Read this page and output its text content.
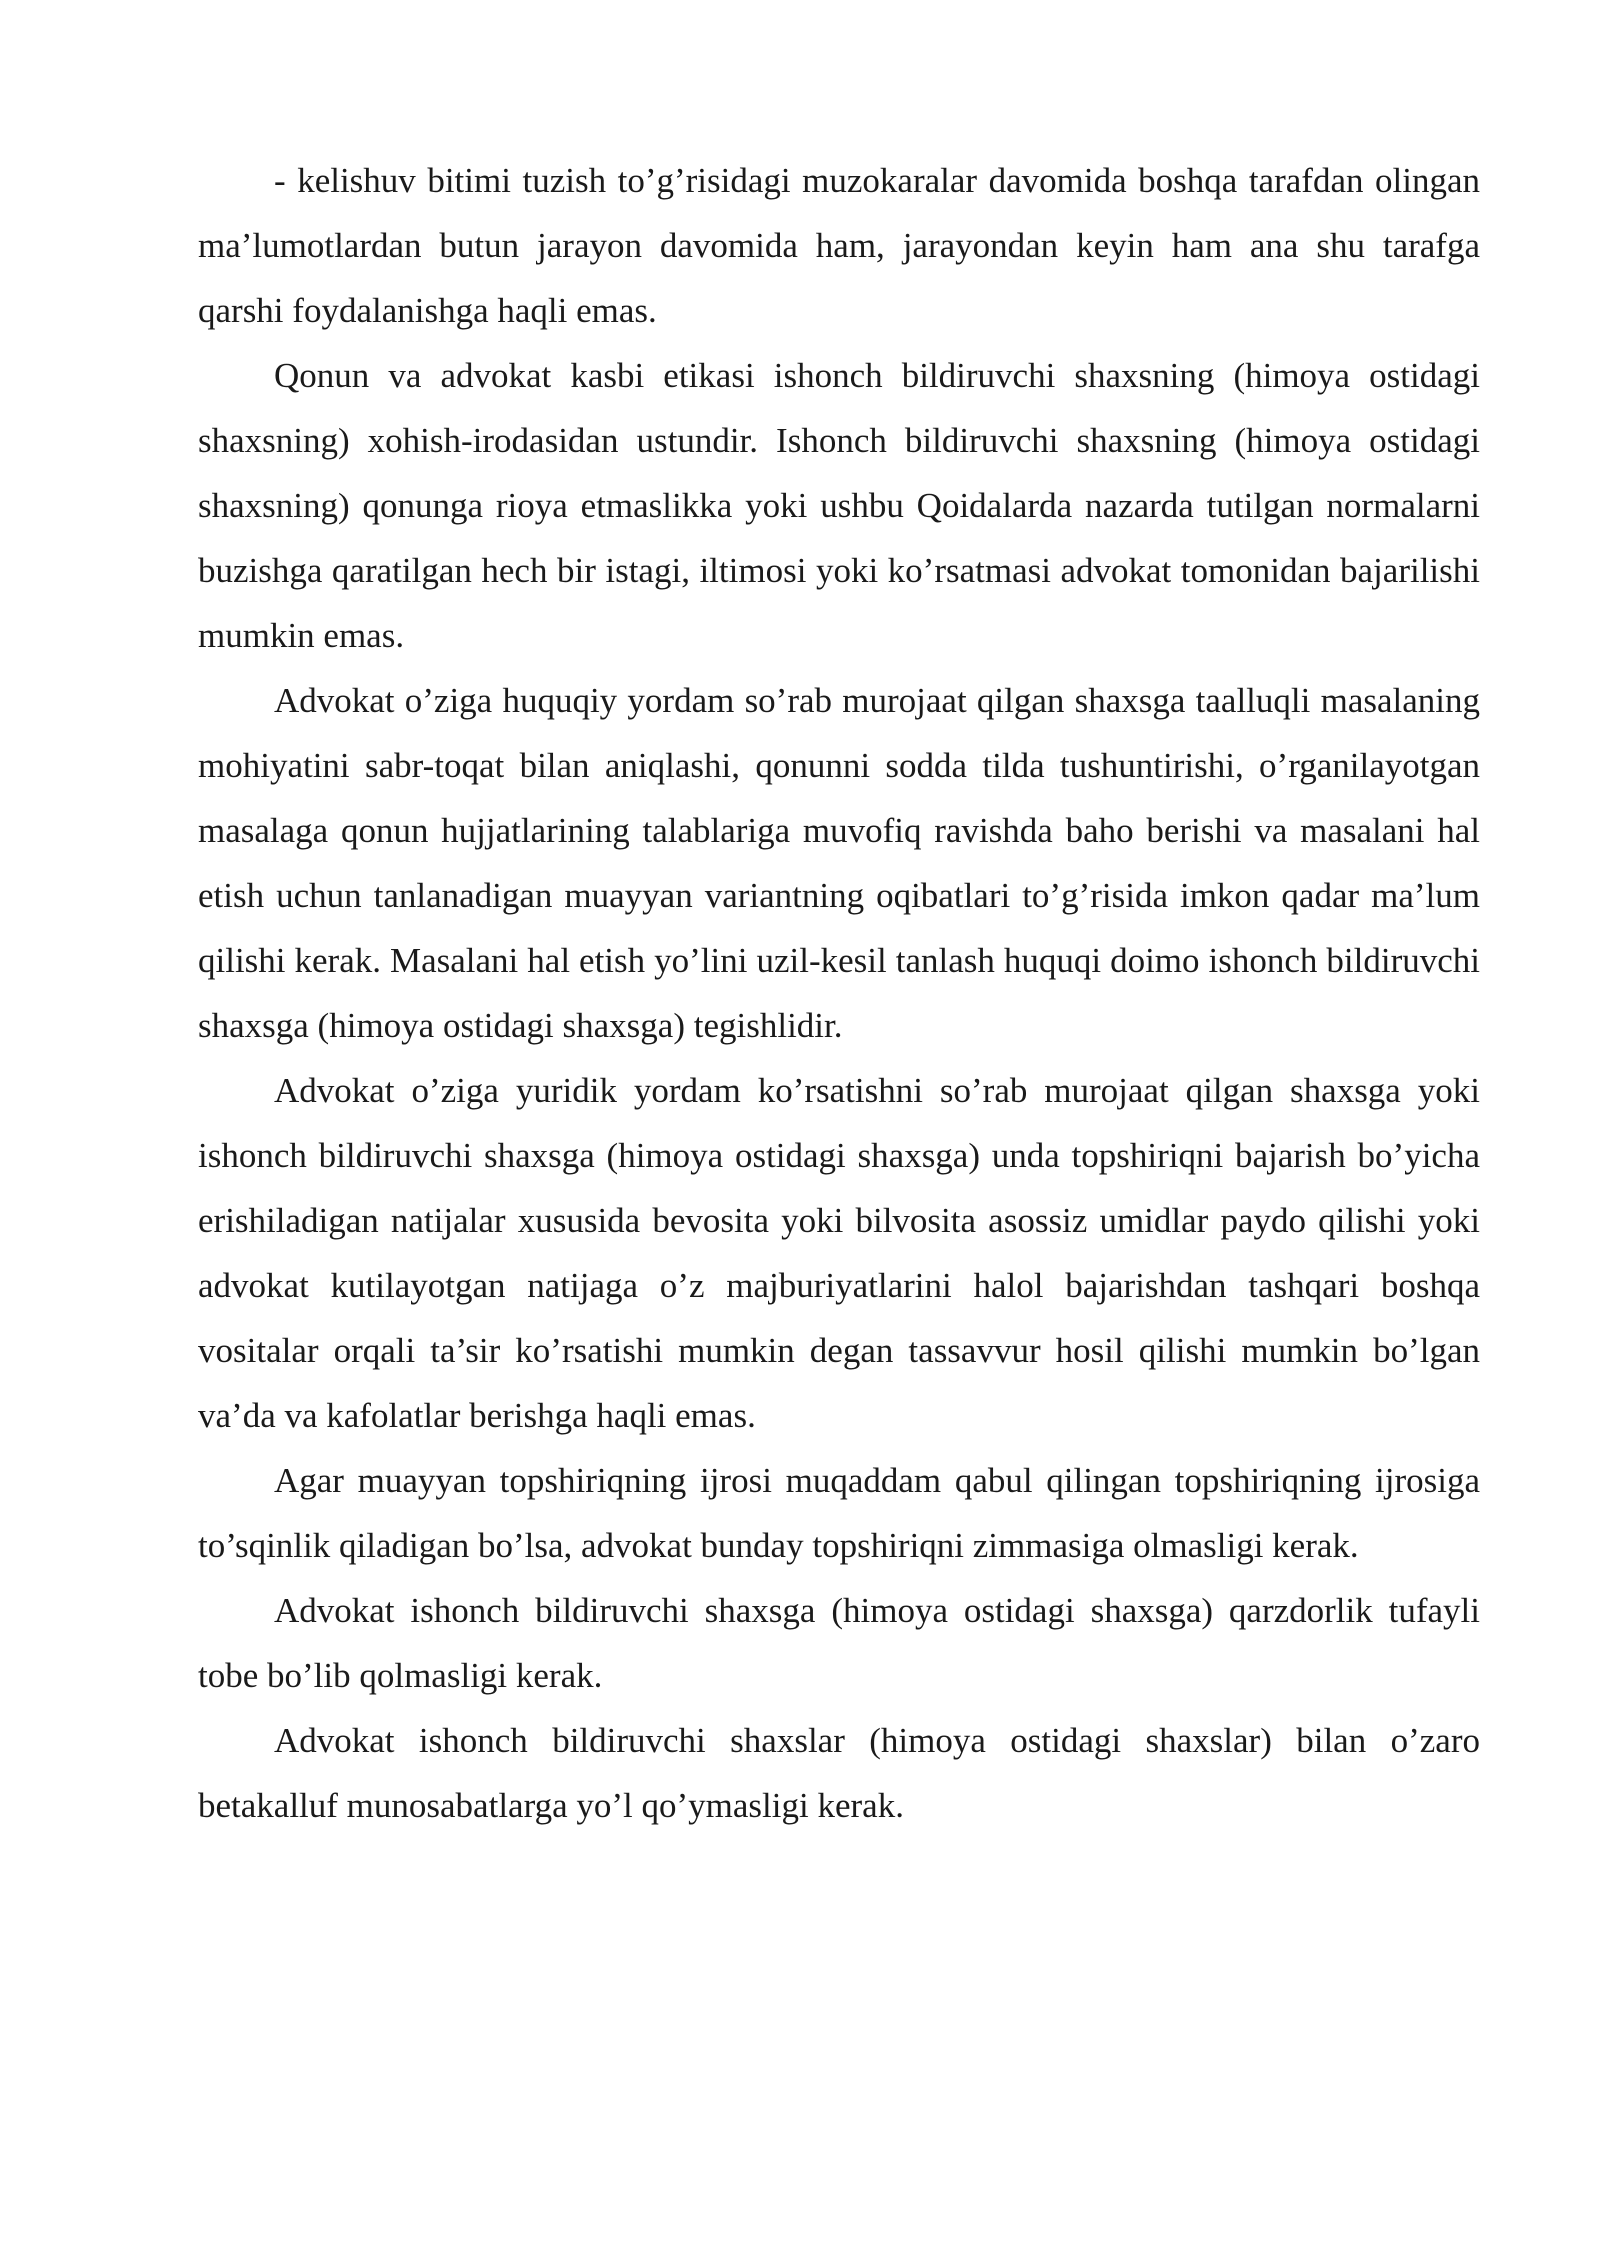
- kelishuv bitimi tuzish to’g’risidagi muzokaralar davomida boshqa tarafdan olingan ma’lumotlardan butun jarayon davomida ham, jarayondan keyin ham ana shu tarafga qarshi foydalanishga haqli emas.

Qonun va advokat kasbi etikasi ishonch bildiruvchi shaxsning (himoya ostidagi shaxsning) xohish-irodasidan ustundir. Ishonch bildiruvchi shaxsning (himoya ostidagi shaxsning) qonunga rioya etmaslikka yoki ushbu Qoidalarda nazarda tutilgan normalarni buzishga qaratilgan hech bir istagi, iltimosi yoki ko’rsatmasi advokat tomonidan bajarilishi mumkin emas.

Advokat o’ziga huquqiy yordam so’rab murojaat qilgan shaxsga taalluqli masalaning mohiyatini sabr-toqat bilan aniqlashi, qonunni sodda tilda tushuntirishi, o’rganilayotgan masalaga qonun hujjatlarining talablariga muvofiq ravishda baho berishi va masalani hal etish uchun tanlanadigan muayyan variantning oqibatlari to’g’risida imkon qadar ma’lum qilishi kerak. Masalani hal etish yo’lini uzil-kesil tanlash huquqi doimo ishonch bildiruvchi shaxsga (himoya ostidagi shaxsga) tegishlidir.

Advokat o’ziga yuridik yordam ko’rsatishni so’rab murojaat qilgan shaxsga yoki ishonch bildiruvchi shaxsga (himoya ostidagi shaxsga) unda topshiriqni bajarish bo’yicha erishiladigan natijalar xususida bevosita yoki bilvosita asossiz umidlar paydo qilishi yoki advokat kutilayotgan natijaga o’z majburiyatlarini halol bajarishdan tashqari boshqa vositalar orqali ta’sir ko’rsatishi mumkin degan tassavvur hosil qilishi mumkin bo’lgan va’da va kafolatlar berishga haqli emas.

Agar muayyan topshiriqning ijrosi muqaddam qabul qilingan topshiriqning ijrosiga to’sqinlik qiladigan bo’lsa, advokat bunday topshiriqni zimmasiga olmasligi kerak.

Advokat ishonch bildiruvchi shaxsga (himoya ostidagi shaxsga) qarzdorlik tufayli tobe bo’lib qolmasligi kerak.

Advokat ishonch bildiruvchi shaxslar (himoya ostidagi shaxslar) bilan o’zaro betakalluf munosabatlarga yo’l qo’ymasligi kerak.
